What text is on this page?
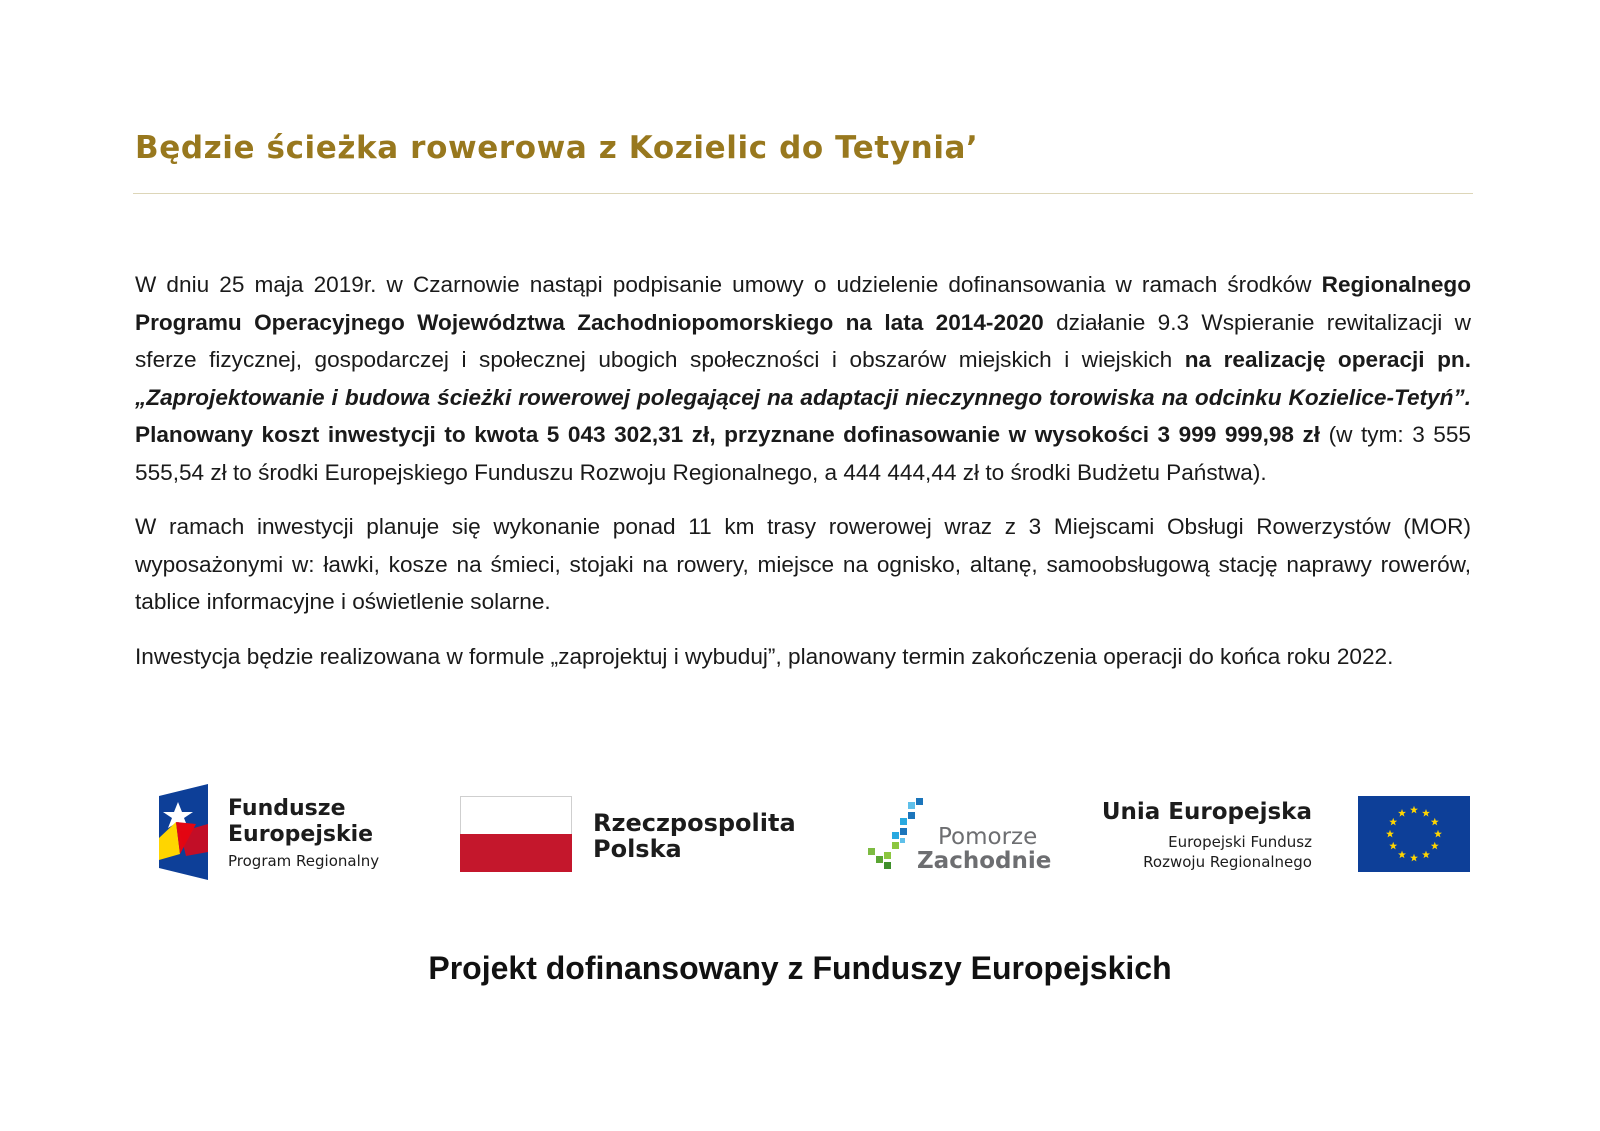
Będzie ścieżka rowerowa z Kozielic do Tetynia’

W dniu 25 maja 2019r. w Czarnowie nastąpi podpisanie umowy o udzielenie dofinansowania w ramach środków Regionalnego Programu Operacyjnego Województwa Zachodniopomorskiego na lata 2014-2020 działanie 9.3 Wspieranie rewitalizacji w sferze fizycznej, gospodarczej i społecznej ubogich społeczności i obszarów miejskich i wiejskich na realizację operacji pn. „Zaprojektowanie i budowa ścieżki rowerowej polegającej na adaptacji nieczynnego torowiska na odcinku Kozielice-Tetyń”. Planowany koszt inwestycji to kwota 5 043 302,31 zł, przyznane dofinasowanie w wysokości 3 999 999,98 zł (w tym: 3 555 555,54 zł to środki Europejskiego Funduszu Rozwoju Regionalnego, a 444 444,44 zł to środki Budżetu Państwa).

W ramach inwestycji planuje się wykonanie ponad 11 km trasy rowerowej wraz z 3 Miejscami Obsługi Rowerzystów (MOR) wyposażonymi w: ławki, kosze na śmieci, stojaki na rowery, miejsce na ognisko, altanę, samoobsługową stację naprawy rowerów, tablice informacyjne i oświetlenie solarne.

Inwestycja będzie realizowana w formule „zaprojektuj i wybuduj”, planowany termin zakończenia operacji do końca roku 2022.

Fundusze
Europejskie
Program Regionalny
Rzeczpospolita
Polska	Pomorze
Zachodnie
Unia Europejska
Europejski Fundusz
Rozwoju Regionalnego
Projekt dofinansowany z Funduszy Europejskich
